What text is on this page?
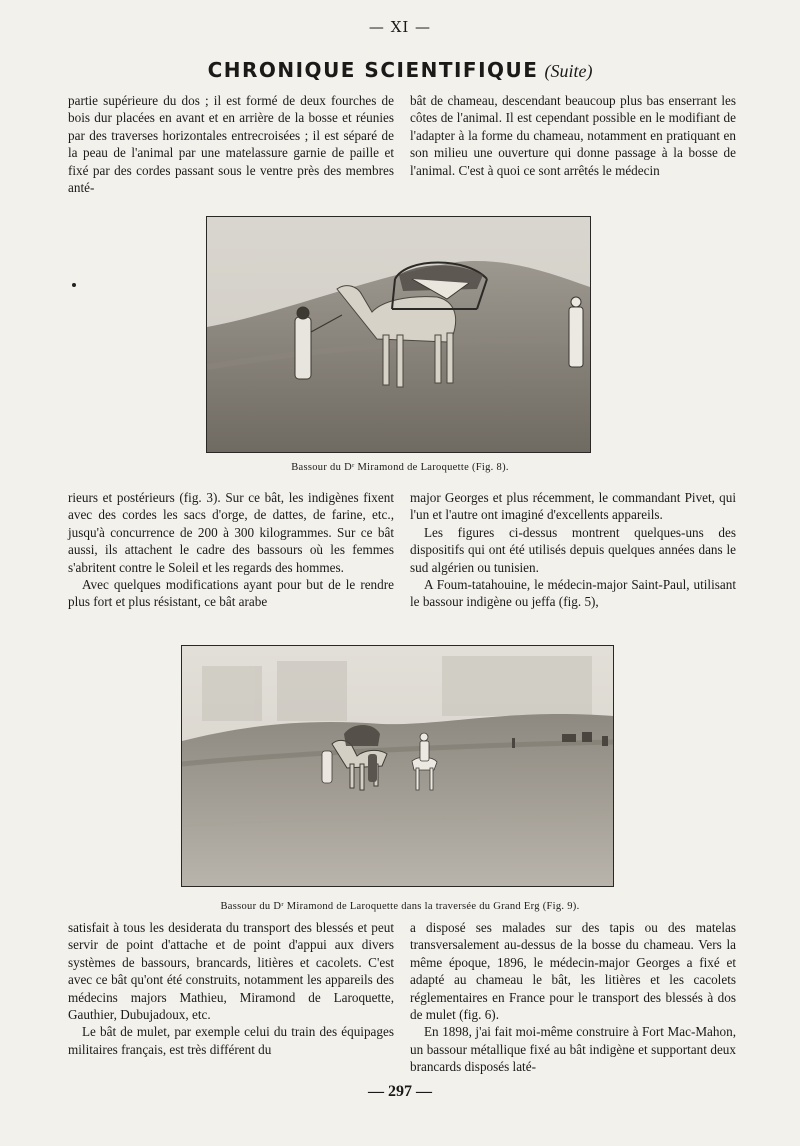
— XI —
CHRONIQUE SCIENTIFIQUE (Suite)

partie supérieure du dos ; il est formé de deux fourches de bois dur placées en avant et en arrière de la bosse et réunies par des traverses horizontales entrecroisées ; il est séparé de la peau de l'animal par une matelassure garnie de paille et fixé par des cordes passant sous le ventre près des membres anté-

bât de chameau, descendant beaucoup plus bas enserrant les côtes de l'animal. Il est cependant possible en le modifiant de l'adapter à la forme du chameau, notamment en pratiquant en son milieu une ouverture qui donne passage à la bosse de l'animal. C'est à quoi ce sont arrêtés le médecin

Bassour du Dʳ Miramond de Laroquette (Fig. 8).

rieurs et postérieurs (fig. 3). Sur ce bât, les indigènes fixent avec des cordes les sacs d'orge, de dattes, de farine, etc., jusqu'à concurrence de 200 à 300 kilogrammes. Sur ce bât aussi, ils attachent le cadre des bassours où les femmes s'abritent contre le Soleil et les regards des hommes.

Avec quelques modifications ayant pour but de le rendre plus fort et plus résistant, ce bât arabe

major Georges et plus récemment, le commandant Pivet, qui l'un et l'autre ont imaginé d'excellents appareils.

Les figures ci-dessus montrent quelques-uns des dispositifs qui ont été utilisés depuis quelques années dans le sud algérien ou tunisien.

A Foum-tatahouine, le médecin-major Saint-Paul, utilisant le bassour indigène ou jeffa (fig. 5),

Bassour du Dʳ Miramond de Laroquette dans la traversée du Grand Erg (Fig. 9).

satisfait à tous les desiderata du transport des blessés et peut servir de point d'attache et de point d'appui aux divers systèmes de bassours, brancards, litières et cacolets. C'est avec ce bât qu'ont été construits, notamment les appareils des médecins majors Mathieu, Miramond de Laroquette, Gauthier, Dubujadoux, etc.

Le bât de mulet, par exemple celui du train des équipages militaires français, est très différent du

a disposé ses malades sur des tapis ou des matelas transversalement au-dessus de la bosse du chameau. Vers la même époque, 1896, le médecin-major Georges a fixé et adapté au chameau le bât, les litières et les cacolets réglementaires en France pour le transport des blessés à dos de mulet (fig. 6).

En 1898, j'ai fait moi-même construire à Fort Mac-Mahon, un bassour métallique fixé au bât indigène et supportant deux brancards disposés laté-

— 297 —
